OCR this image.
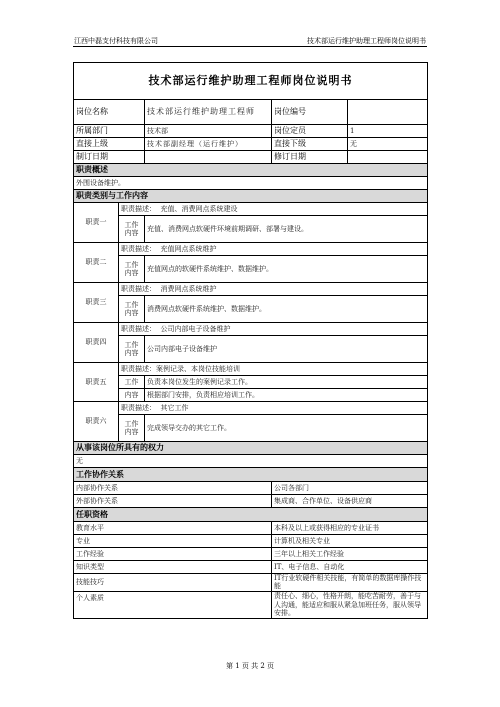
江西中磊支付科技有限公司	技术部运行维护助理工程师岗位说明书
技术部运行维护助理工程师岗位说明书				
岗位名称		技术部运行维护助理工程师	岗位编号	
所属部门		技术部	岗位定员	1
直接上级		技术部副经理（运行维护）	直接下级	无
制订日期			修订日期	
职责概述				
外围设备维护。				
职责类别与工作内容				
职责一	职责描述： 充值、消费网点系统建设			
	工作
内容	充值、消费网点软硬件环境前期调研、部署与建设。		
职责二	职责描述： 充值网点系统维护			
	工作
内容	充值网点的软硬件系统维护、数据维护。		
职责三	职责描述： 消费网点系统维护			
	工作
内容	消费网点软硬件系统维护、数据维护。		
职责四	职责描述： 公司内部电子设备维护			
	工作
内容	公司内部电子设备维护		
职责五	职责描述：案例记录、本岗位技能培训			
	工作	负责本岗位发生的案例记录工作。		
	内容	根据部门安排，负责相应培训工作。		
职责六	职责描述： 其它工作			
	工作
内容	完成领导交办的其它工作。		
从事该岗位所具有的权力				
无				
工作协作关系				
内部协作关系			公司各部门	
外部协作关系			集成商、合作单位、设备供应商	
任职资格				
教育水平			本科及以上或获得相应的专业证书	
专业			计算机及相关专业	
工作经验			三年以上相关工作经验	
知识类型			IT、电子信息、自动化	
技能技巧			IT行业软硬件相关技能，有简单的数据库操作技能	
个人素质			责任心、细心，性格开朗，能吃苦耐劳，善于与人沟通，能适应和服从紧急加班任务，服从领导安排。	
第 1 页 共 2 页
